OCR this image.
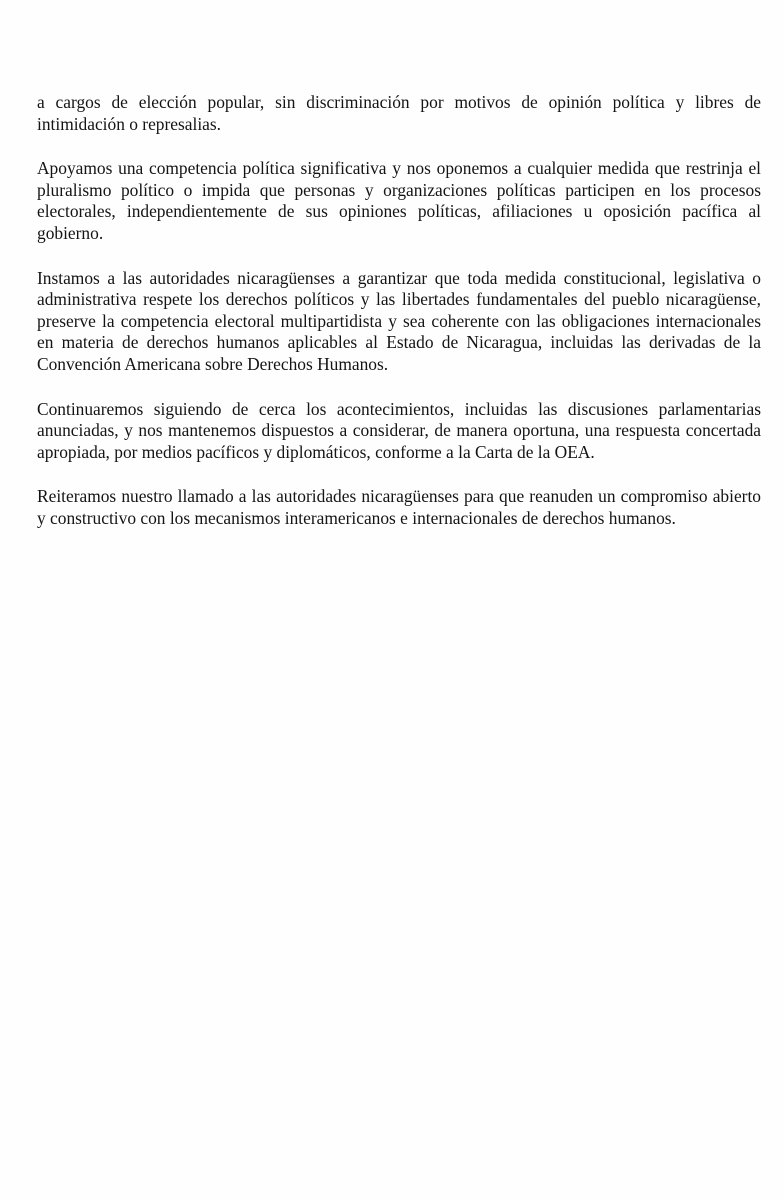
a cargos de elección popular, sin discriminación por motivos de opinión política y libres de intimidación o represalias.

Apoyamos una competencia política significativa y nos oponemos a cualquier medida que restrinja el pluralismo político o impida que personas y organizaciones políticas participen en los procesos electorales, independientemente de sus opiniones políticas, afiliaciones u oposición pacífica al gobierno.

Instamos a las autoridades nicaragüenses a garantizar que toda medida constitucional, legislativa o administrativa respete los derechos políticos y las libertades fundamentales del pueblo nicaragüense, preserve la competencia electoral multipartidista y sea coherente con las obligaciones internacionales en materia de derechos humanos aplicables al Estado de Nicaragua, incluidas las derivadas de la Convención Americana sobre Derechos Humanos.

Continuaremos siguiendo de cerca los acontecimientos, incluidas las discusiones parlamentarias anunciadas, y nos mantenemos dispuestos a considerar, de manera oportuna, una respuesta concertada apropiada, por medios pacíficos y diplomáticos, conforme a la Carta de la OEA.

Reiteramos nuestro llamado a las autoridades nicaragüenses para que reanuden un compromiso abierto y constructivo con los mecanismos interamericanos e internacionales de derechos humanos.
